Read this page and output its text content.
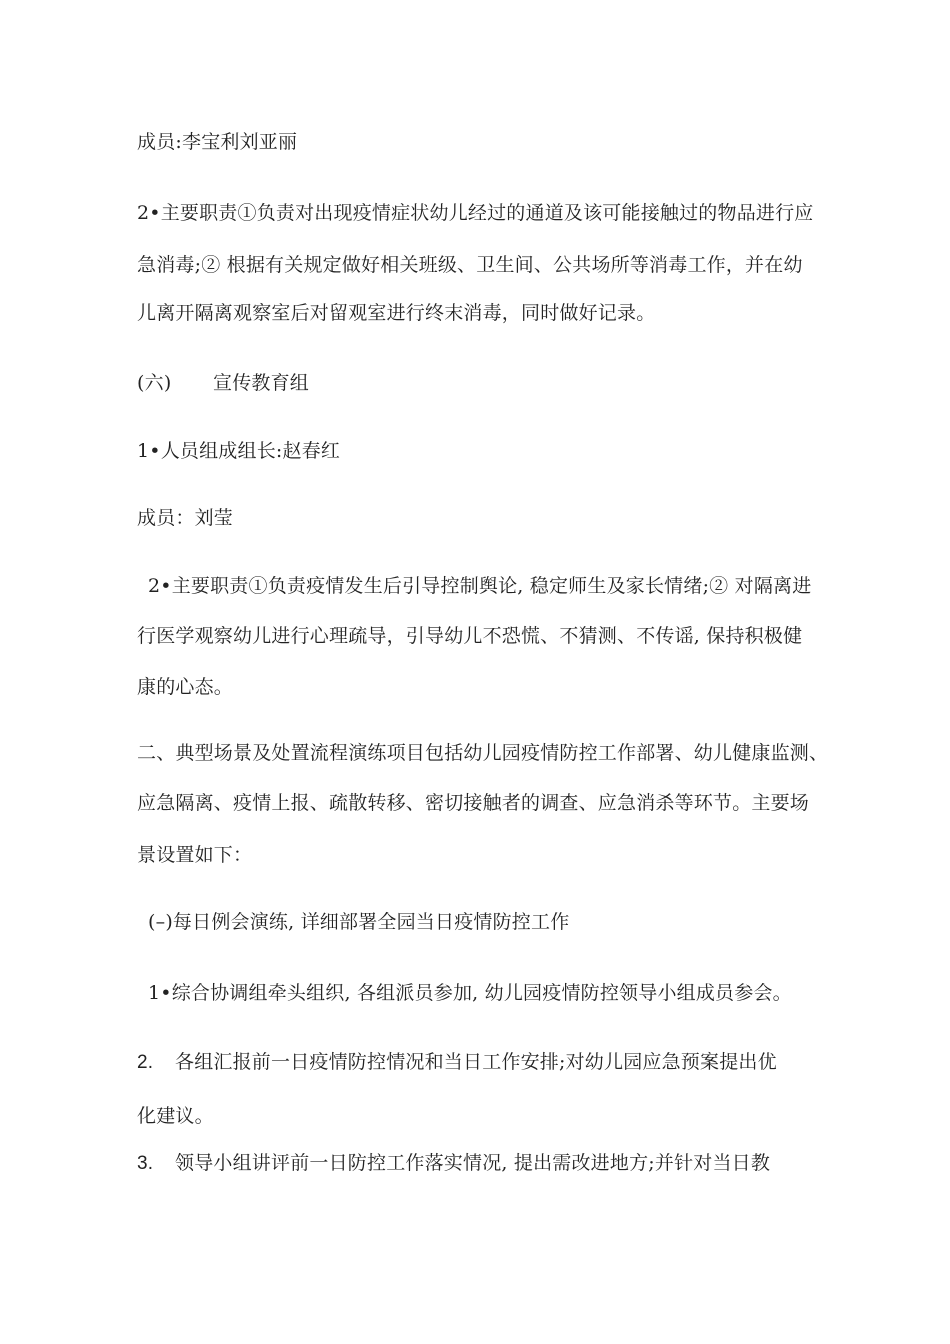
成员:李宝利刘亚丽
2•主要职责①负责对出现疫情症状幼儿经过的通道及该可能接触过的物品进行应
急消毒;② 根据有关规定做好相关班级、卫生间、公共场所等消毒工作，并在幼
儿离开隔离观察室后对留观室进行终末消毒，同时做好记录。
(六) 宣传教育组
1•人员组成组长:赵春红
成员：刘莹
2•主要职责①负责疫情发生后引导控制舆论, 稳定师生及家长情绪;② 对隔离进
行医学观察幼儿进行心理疏导，引导幼儿不恐慌、不猜测、不传谣, 保持积极健
康的心态。
二、典型场景及处置流程演练项目包括幼儿园疫情防控工作部署、幼儿健康监测、
应急隔离、疫情上报、疏散转移、密切接触者的调查、应急消杀等环节。主要场
景设置如下：
(–)每日例会演练, 详细部署全园当日疫情防控工作
1•综合协调组牵头组织, 各组派员参加, 幼儿园疫情防控领导小组成员参会。
2. 各组汇报前一日疫情防控情况和当日工作安排;对幼儿园应急预案提出优
化建议。
3. 领导小组讲评前一日防控工作落实情况, 提出需改进地方;并针对当日教
